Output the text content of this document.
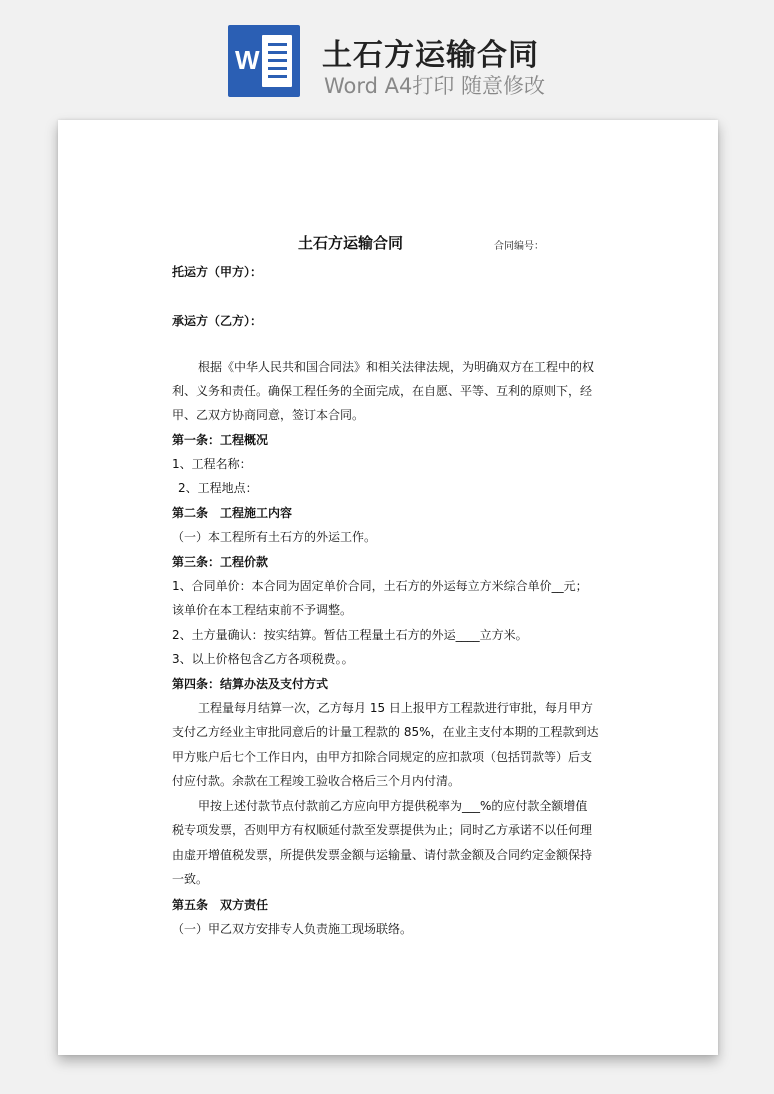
W 土石方运输合同
Word A4打印 随意修改

土石方运输合同	合同编号：
托运方（甲方）：
承运方（乙方）：
根据《中华人民共和国合同法》和相关法律法规，为明确双方在工程中的权
利、义务和责任。确保工程任务的全面完成，在自愿、平等、互利的原则下，经
甲、乙双方协商同意，签订本合同。
第一条：工程概况
1、工程名称：
2、工程地点：
第二条　工程施工内容
（一）本工程所有土石方的外运工作。
第三条：工程价款
1、合同单价：本合同为固定单价合同，土石方的外运每立方米综合单价__元；
该单价在本工程结束前不予调整。
2、土方量确认：按实结算。暂估工程量土石方的外运____立方米。
3、以上价格包含乙方各项税费。。
第四条：结算办法及支付方式
工程量每月结算一次，乙方每月 15 日上报甲方工程款进行审批，每月甲方
支付乙方经业主审批同意后的计量工程款的 85%，在业主支付本期的工程款到达
甲方账户后七个工作日内，由甲方扣除合同规定的应扣款项（包括罚款等）后支
付应付款。余款在工程竣工验收合格后三个月内付清。
甲按上述付款节点付款前乙方应向甲方提供税率为___%的应付款全额增值
税专项发票，否则甲方有权顺延付款至发票提供为止；同时乙方承诺不以任何理
由虚开增值税发票，所提供发票金额与运输量、请付款金额及合同约定金额保持
一致。
第五条　双方责任
（一）甲乙双方安排专人负责施工现场联络。
